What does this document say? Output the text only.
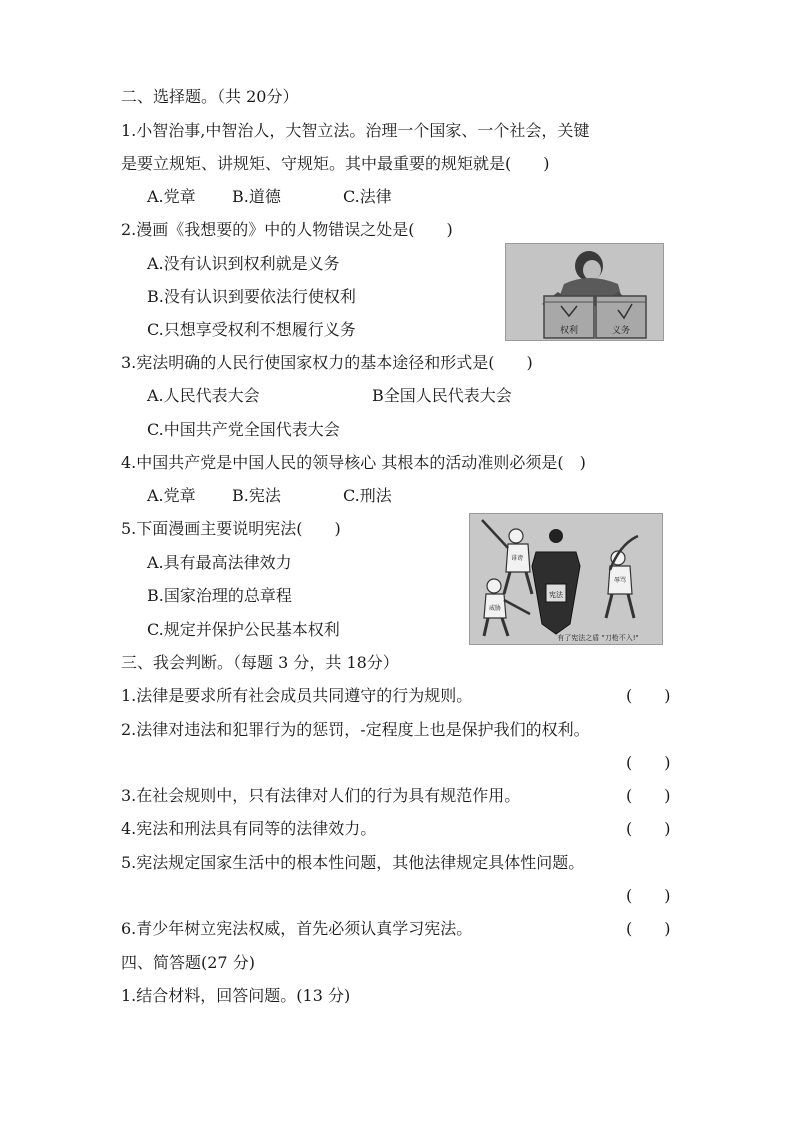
二、选择题。（共 20分）
1.小智治事,中智治人，大智立法。治理一个国家、一个社会，关键
是要立规矩、讲规矩、守规矩。其中最重要的规矩就是(　　)
A.党章 B.道德	C.法律
2.漫画《我想要的》中的人物错误之处是(　　)
A.没有认识到权利就是义务
B.没有认识到要依法行使权利
C.只想享受权利不想履行义务	权利	义务
3.宪法明确的人民行使国家权力的基本途径和形式是(　　)
A.人民代表大会	B全国人民代表大会
C.中国共产党全国代表大会
4.中国共产党是中国人民的领导核心 其根本的活动准则必须是(　)
A.党章 B.宪法	C.刑法
5.下面漫画主要说明宪法(　　)
A.具有最高法律效力
B.国家治理的总章程
C.规定并保护公民基本权利
诽谤
威胁
宪法
辱骂
有了宪法之盾 "刀枪不入!"
三、我会判断。（每题 3 分，共 18分）
1.法律是要求所有社会成员共同遵守的行为规则。	(　　)
2.法律对违法和犯罪行为的惩罚，-定程度上也是保护我们的权利。
(　　)
3.在社会规则中，只有法律对人们的行为具有规范作用。	(　　)
4.宪法和刑法具有同等的法律效力。	(　　)
5.宪法规定国家生活中的根本性问题，其他法律规定具体性问题。
(　　)
6.青少年树立宪法权威，首先必须认真学习宪法。	(　　)
四、简答题(27 分)
1.结合材料，回答问题。(13 分)
